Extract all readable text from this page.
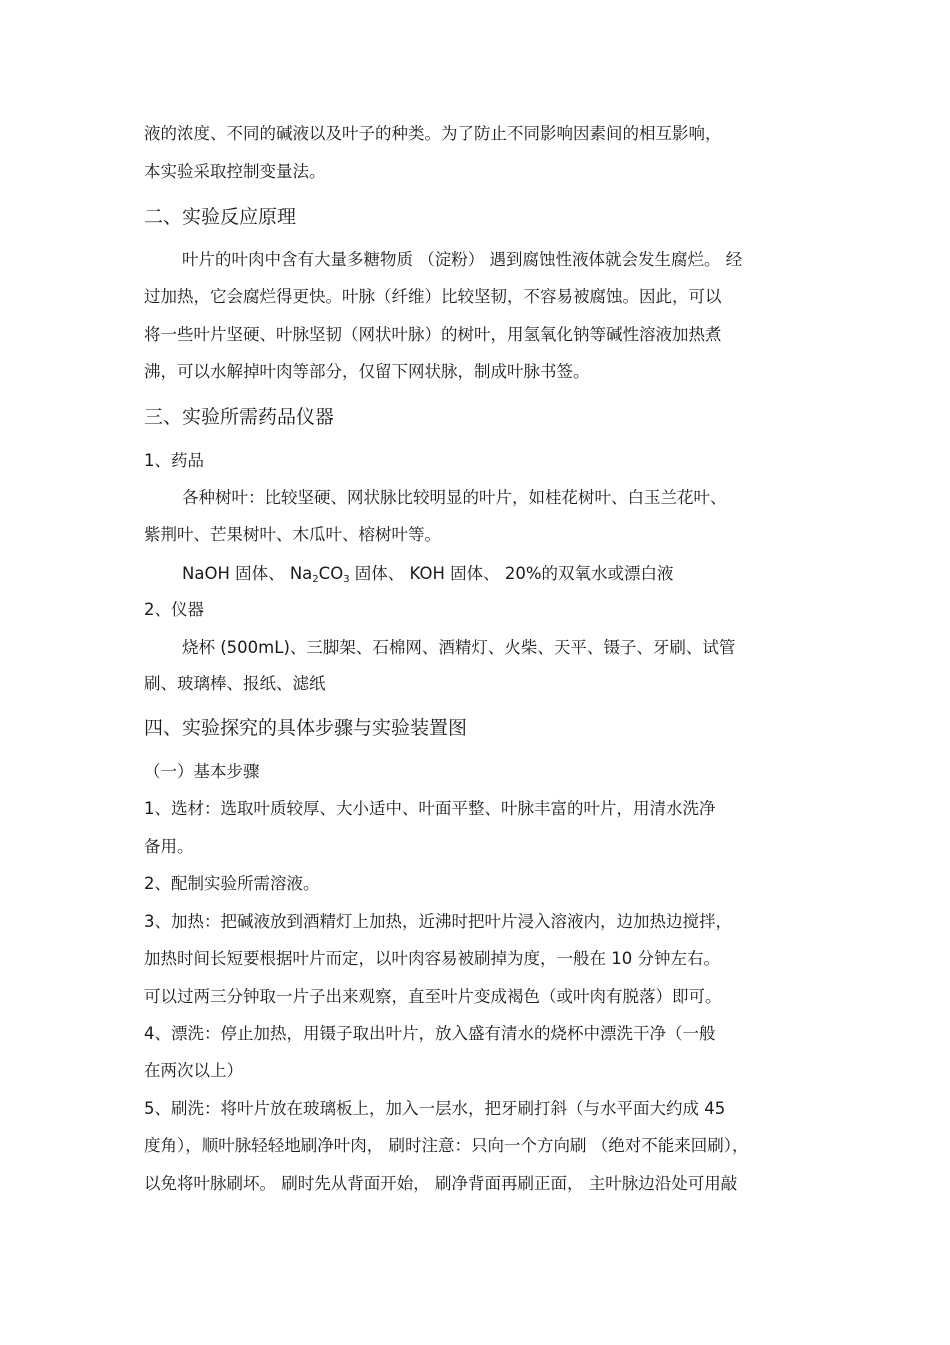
液的浓度、不同的碱液以及叶子的种类。为了防止不同影响因素间的相互影响，
本实验采取控制变量法。
二、实验反应原理
叶片的叶肉中含有大量多糖物质 （淀粉） 遇到腐蚀性液体就会发生腐烂。 经
过加热，它会腐烂得更快。叶脉（纤维）比较坚韧，不容易被腐蚀。因此，可以
将一些叶片坚硬、叶脉坚韧（网状叶脉）的树叶，用氢氧化钠等碱性溶液加热煮
沸，可以水解掉叶肉等部分，仅留下网状脉，制成叶脉书签。
三、实验所需药品仪器
1、药品
各种树叶：比较坚硬、网状脉比较明显的叶片，如桂花树叶、白玉兰花叶、
紫荆叶、芒果树叶、木瓜叶、榕树叶等。
NaOH 固体、 Na2CO3 固体、 KOH 固体、 20%的双氧水或漂白液
2、仪器
烧杯 (500mL)、三脚架、石棉网、酒精灯、火柴、天平、镊子、牙刷、试管
刷、玻璃棒、报纸、滤纸
四、实验探究的具体步骤与实验装置图
（一）基本步骤
1、选材：选取叶质较厚、大小适中、叶面平整、叶脉丰富的叶片，用清水洗净
备用。
2、配制实验所需溶液。
3、加热：把碱液放到酒精灯上加热，近沸时把叶片浸入溶液内，边加热边搅拌，
加热时间长短要根据叶片而定，以叶肉容易被刷掉为度，一般在 10 分钟左右。
可以过两三分钟取一片子出来观察，直至叶片变成褐色（或叶肉有脱落）即可。
4、漂洗：停止加热，用镊子取出叶片，放入盛有清水的烧杯中漂洗干净（一般
在两次以上）
5、刷洗：将叶片放在玻璃板上，加入一层水，把牙刷打斜（与水平面大约成 45
度角），顺叶脉轻轻地刷净叶肉， 刷时注意：只向一个方向刷 （绝对不能来回刷），
以免将叶脉刷坏。 刷时先从背面开始， 刷净背面再刷正面， 主叶脉边沿处可用敲
